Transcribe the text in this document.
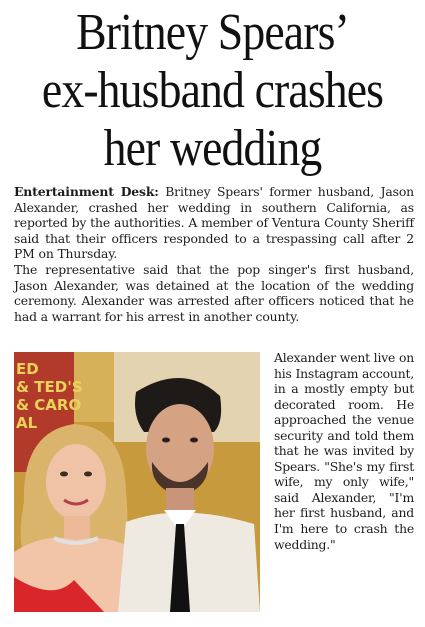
Britney Spears’
ex-husband crashes
her wedding

Entertainment Desk: Britney Spears' former husband, Jason Alexander, crashed her wedding in southern California, as reported by the authorities. A member of Ventura County Sheriff said that their officers responded to a trespassing call after 2 PM on Thursday.

The representative said that the pop singer's first husband, Jason Alexander, was detained at the location of the wedding ceremony. Alexander was arrested after officers noticed that he had a warrant for his arrest in another county.

ED
& TED'S
& CARO
AL

Alexander went live on his Instagram account, in a mostly empty but decorated room. He approached the venue security and told them that he was invited by Spears. "She's my first wife, my only wife," said Alexander, "I'm her first husband, and I'm here to crash the wedding."
